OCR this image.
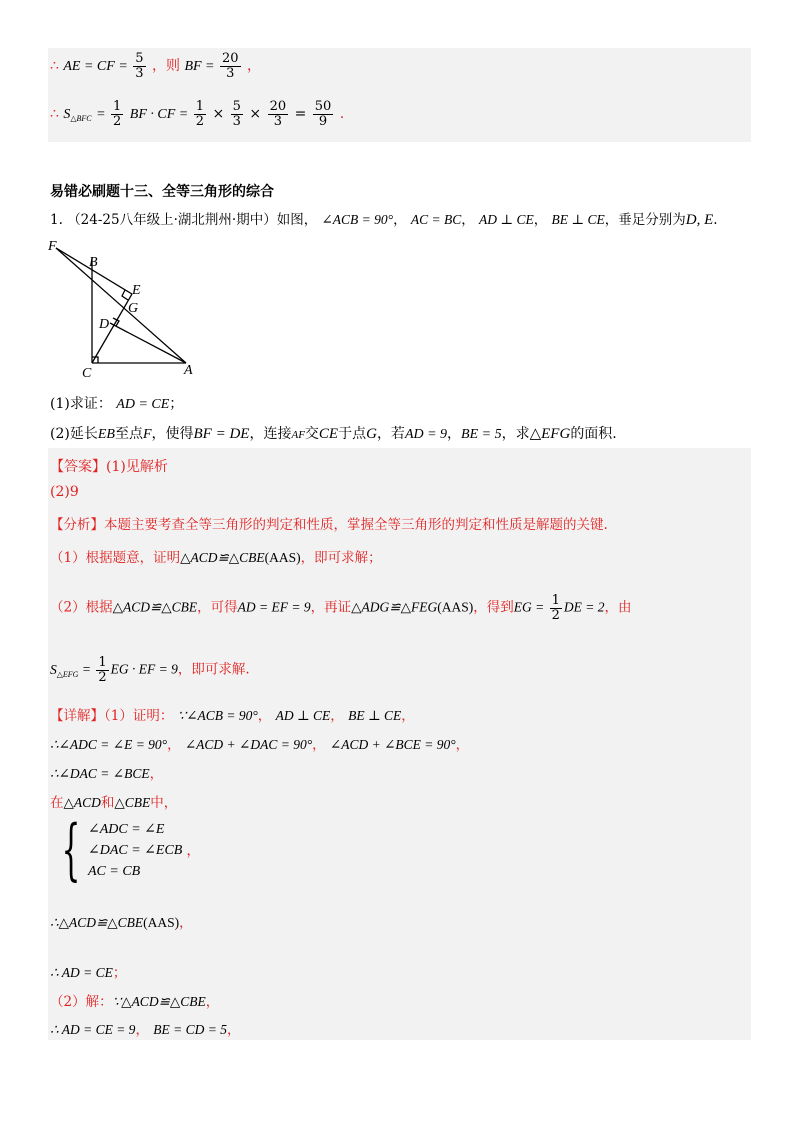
∴ AE = CF = $\frac{5}{3}$ ，则 BF = $\frac{20}{3}$ ，
∴ $S_{\triangle BFC} = \frac{1}{2}$ BF · CF = $\frac{1}{2} \times \frac{5}{3} \times \frac{20}{3} = \frac{50}{9}$ .
易错必刷题十三、全等三角形的综合
1. （24-25八年级上·湖北荆州·期中）如图， ∠ACB = 90°， AC = BC， AD ⊥ CE， BE ⊥ CE，垂足分别为D, E.
F
B
E
G
D
C	A
(1)求证： AD = CE；
(2)延长EB至点F，使得BF = DE，连接AF交CE于点G，若AD = 9，BE = 5，求△EFG的面积.
【答案】(1)见解析
(2)9
【分析】本题主要考查全等三角形的判定和性质，掌握全等三角形的判定和性质是解题的关键.
（1）根据题意，证明△ACD≌△CBE(AAS)，即可求解；
（2）根据△ACD≌△CBE，可得AD = EF = 9，再证△ADG≌△FEG(AAS)，得到EG = $\frac{1}{2}$ DE = 2，由
$S_{\triangle EFG} = \frac{1}{2}$ EG · EF = 9，即可求解.
【详解】（1）证明： ∵∠ACB = 90°， AD ⊥ CE， BE ⊥ CE，
∴∠ADC = ∠E = 90°， ∠ACD + ∠DAC = 90°， ∠ACD + ∠BCE = 90°，
∴∠DAC = ∠BCE，
在△ACD和△CBE中，
{ ∠ADC = ∠E
∠DAC = ∠ECB
AC = CB
，
∴△ACD≌△CBE(AAS)，
∴ AD = CE；
（2）解：∵△ACD≌△CBE，
∴ AD = CE = 9， BE = CD = 5，
